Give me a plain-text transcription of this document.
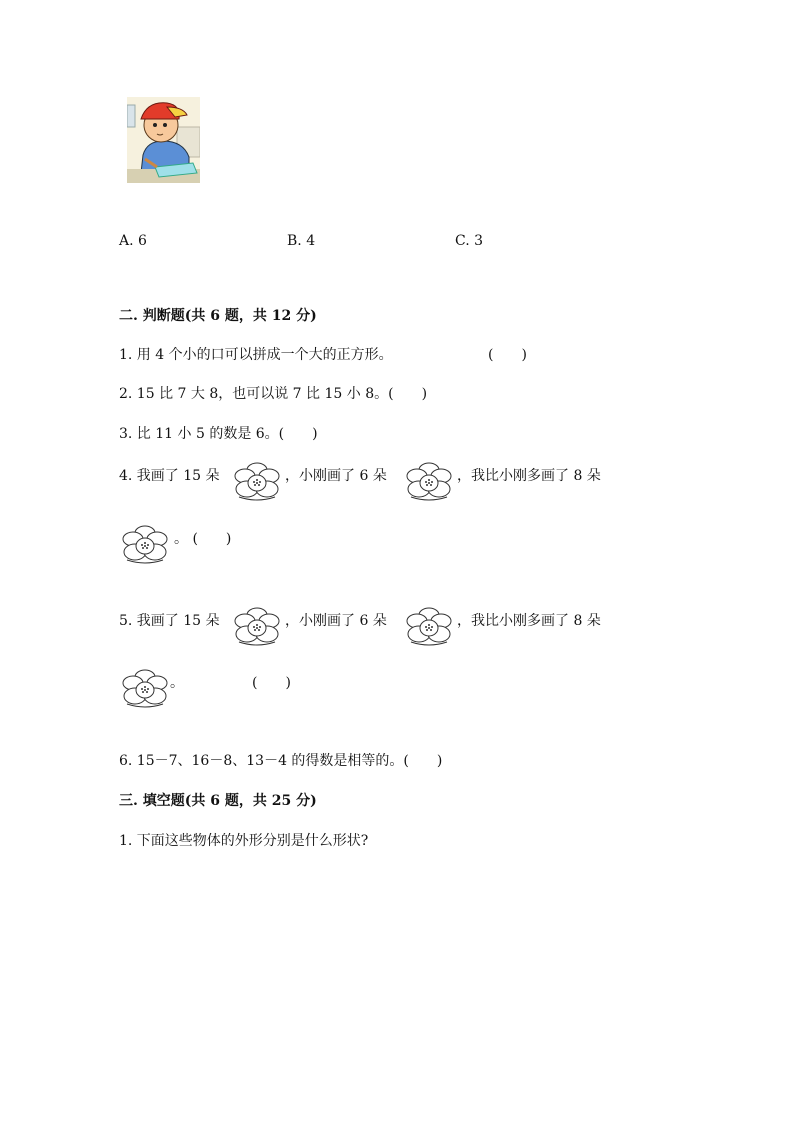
A. 6	B. 4	C. 3
二. 判断题(共 6 题，共 12 分)
1. 用 4 个小的口可以拼成一个大的正方形。	(　　)
2. 15 比 7 大 8，也可以说 7 比 15 小 8。(　　)
3. 比 11 小 5 的数是 6。(　　)
4. 我画了 15 朵	，小刚画了 6 朵	，我比小刚多画了 8 朵
。 (　　)
5. 我画了 15 朵	，小刚画了 6 朵	，我比小刚多画了 8 朵
。	(　　)
6. 15－7、16－8、13－4 的得数是相等的。(　　)
三. 填空题(共 6 题，共 25 分)
1. 下面这些物体的外形分别是什么形状?
